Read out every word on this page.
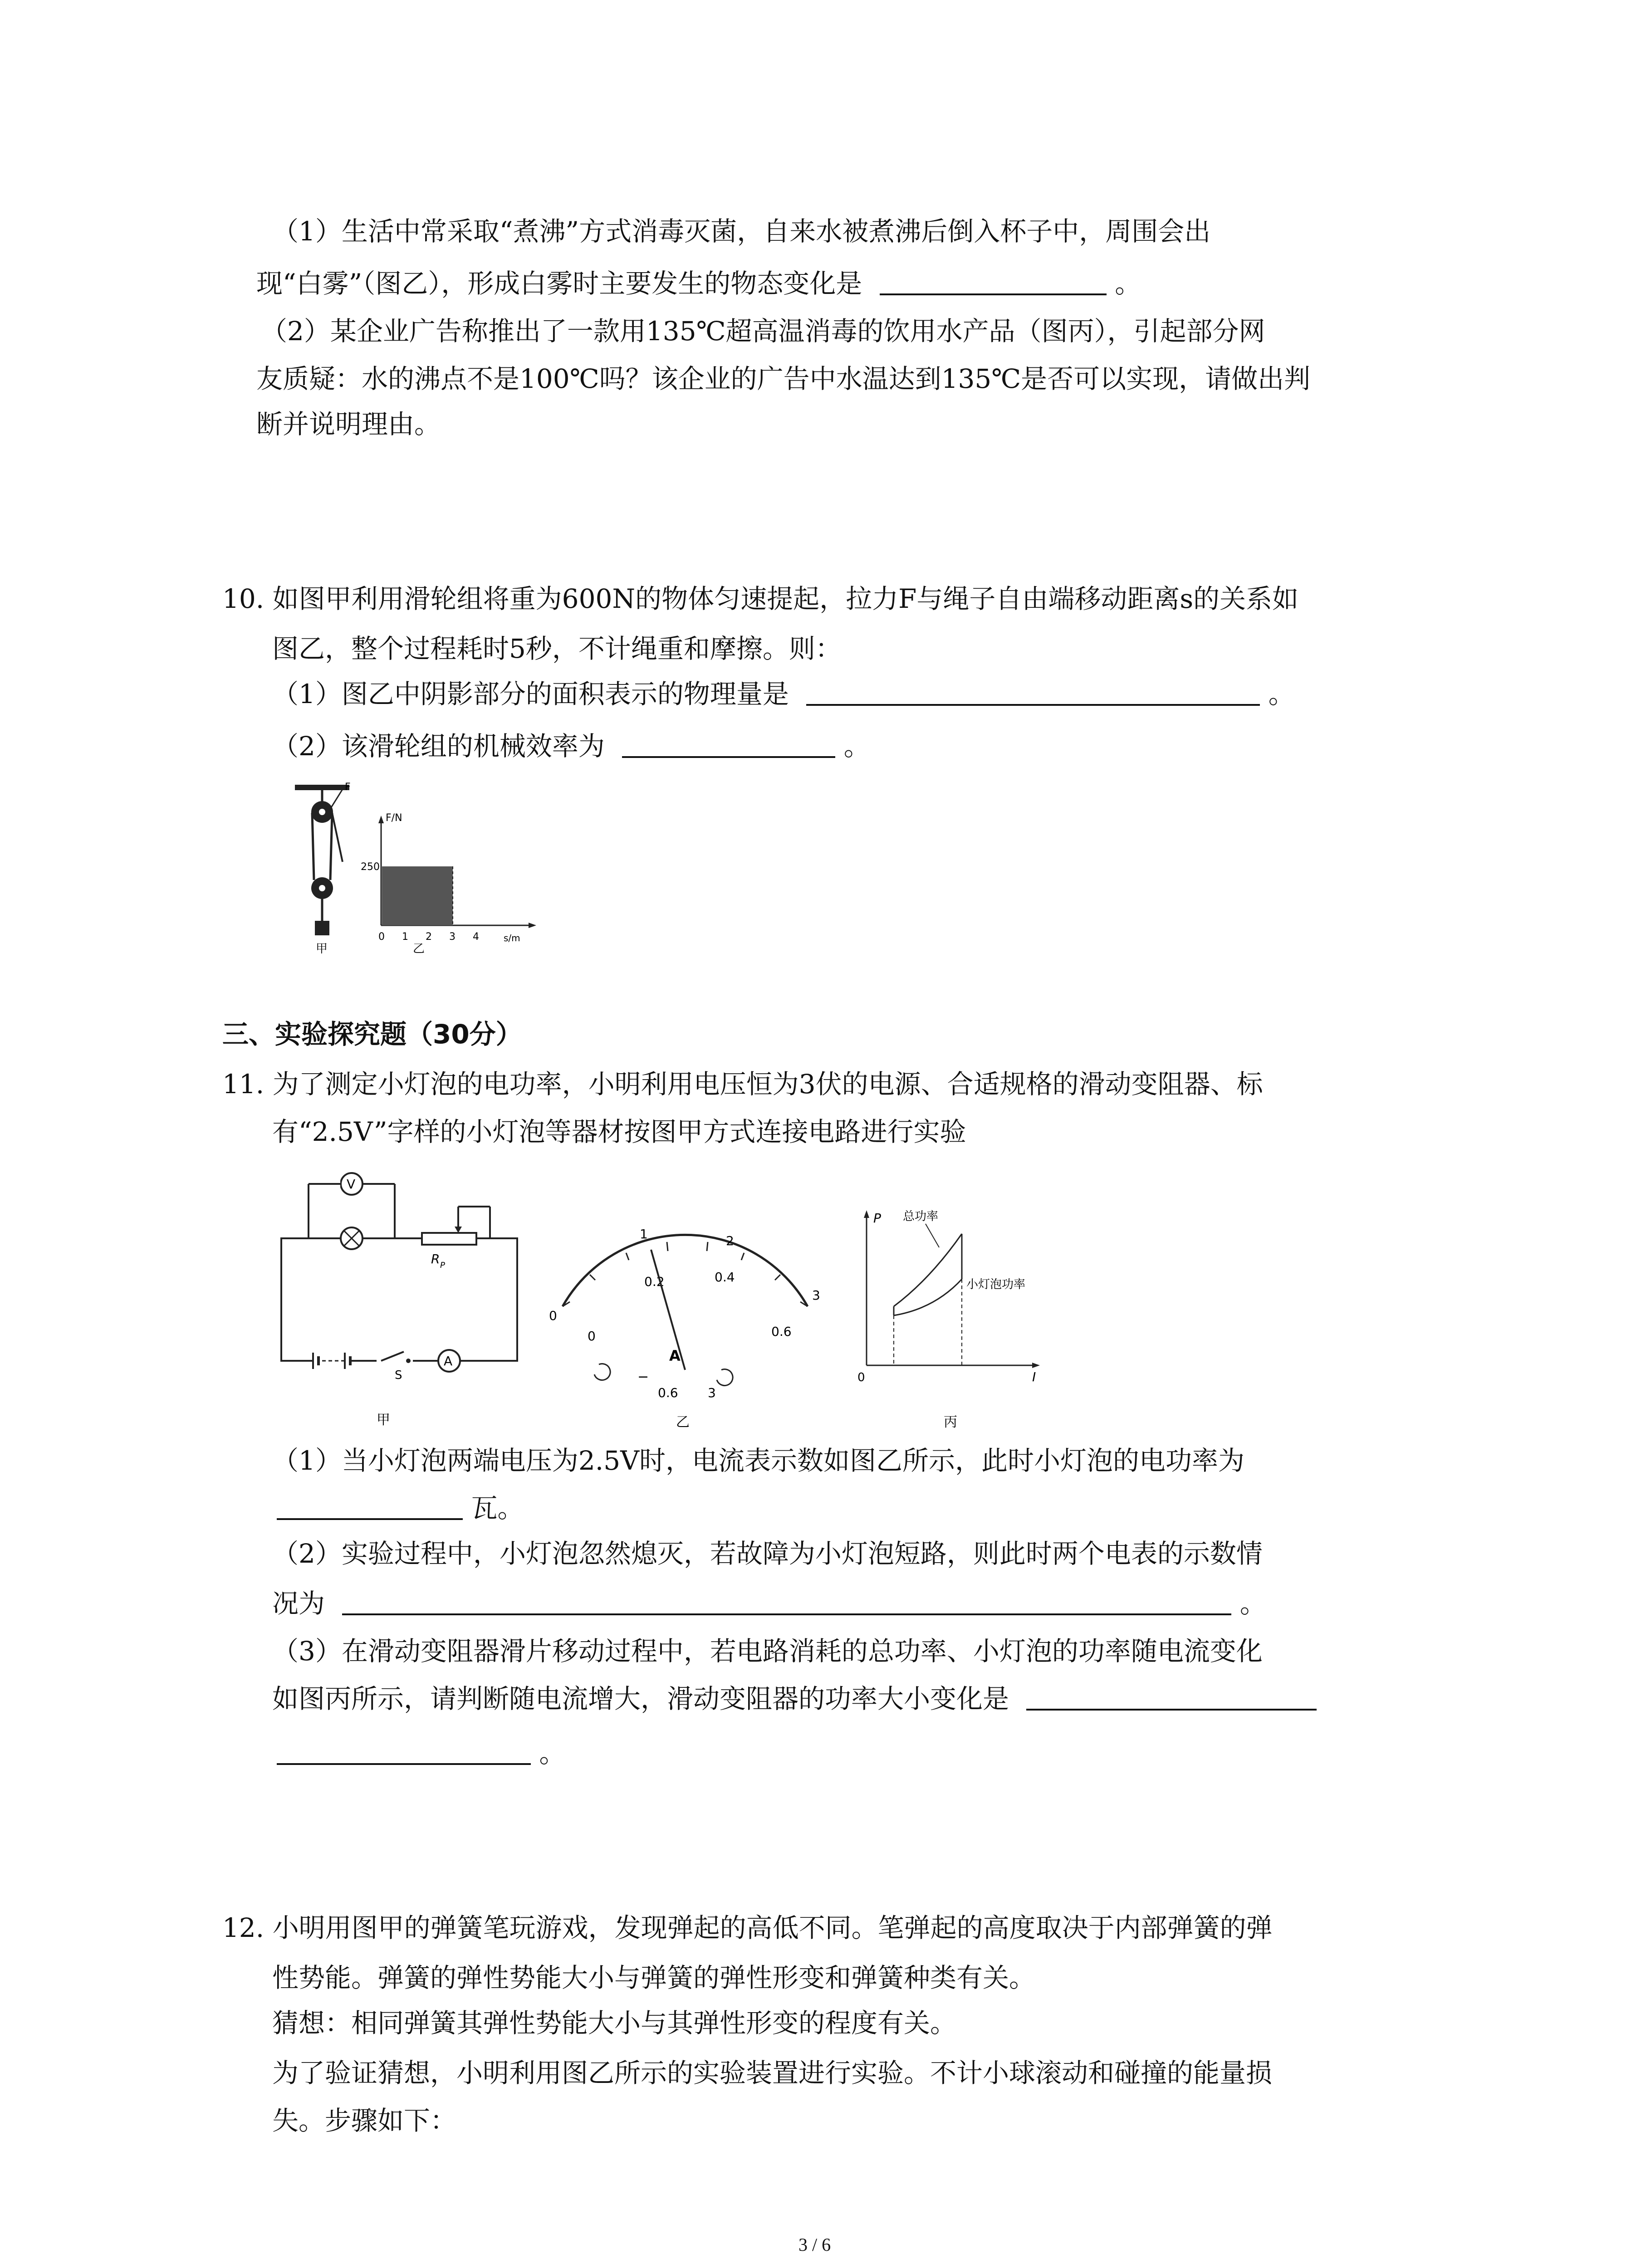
（1）生活中常采取“煮沸”方式消毒灭菌，自来水被煮沸后倒入杯子中，周围会出
现“白雾”（图乙），形成白雾时主要发生的物态变化是	。
（2）某企业广告称推出了一款用135℃超高温消毒的饮用水产品（图丙），引起部分网
友质疑：水的沸点不是100℃吗？该企业的广告中水温达到135℃是否可以实现，请做出判
断并说明理由。
10. 如图甲利用滑轮组将重为600N的物体匀速提起，拉力F与绳子自由端移动距离s的关系如
图乙，整个过程耗时5秒，不计绳重和摩擦。则：
（1）图乙中阴影部分的面积表示的物理量是	。
（2）该滑轮组的机械效率为	。
F
甲
F/N
s/m
250
0 1 2 3 4
乙
三、实验探究题（30分）
11. 为了测定小灯泡的电功率，小明利用电压恒为3伏的电源、合适规格的滑动变阻器、标
有“2.5V”字样的小灯泡等器材按图甲方式连接电路进行实验
V
R P
S
A
甲
0
1	2
3
0
0.2	0.4
0.6
A
−
0.6 3
乙
P
I
0
总功率
小灯泡功率
丙
（1）当小灯泡两端电压为2.5V时，电流表示数如图乙所示，此时小灯泡的电功率为
瓦。
（2）实验过程中，小灯泡忽然熄灭，若故障为小灯泡短路，则此时两个电表的示数情
况为	。
（3）在滑动变阻器滑片移动过程中，若电路消耗的总功率、小灯泡的功率随电流变化
如图丙所示，请判断随电流增大，滑动变阻器的功率大小变化是
。
12. 小明用图甲的弹簧笔玩游戏，发现弹起的高低不同。笔弹起的高度取决于内部弹簧的弹
性势能。弹簧的弹性势能大小与弹簧的弹性形变和弹簧种类有关。
猜想：相同弹簧其弹性势能大小与其弹性形变的程度有关。
为了验证猜想，小明利用图乙所示的实验装置进行实验。不计小球滚动和碰撞的能量损
失。步骤如下：
3 / 6
